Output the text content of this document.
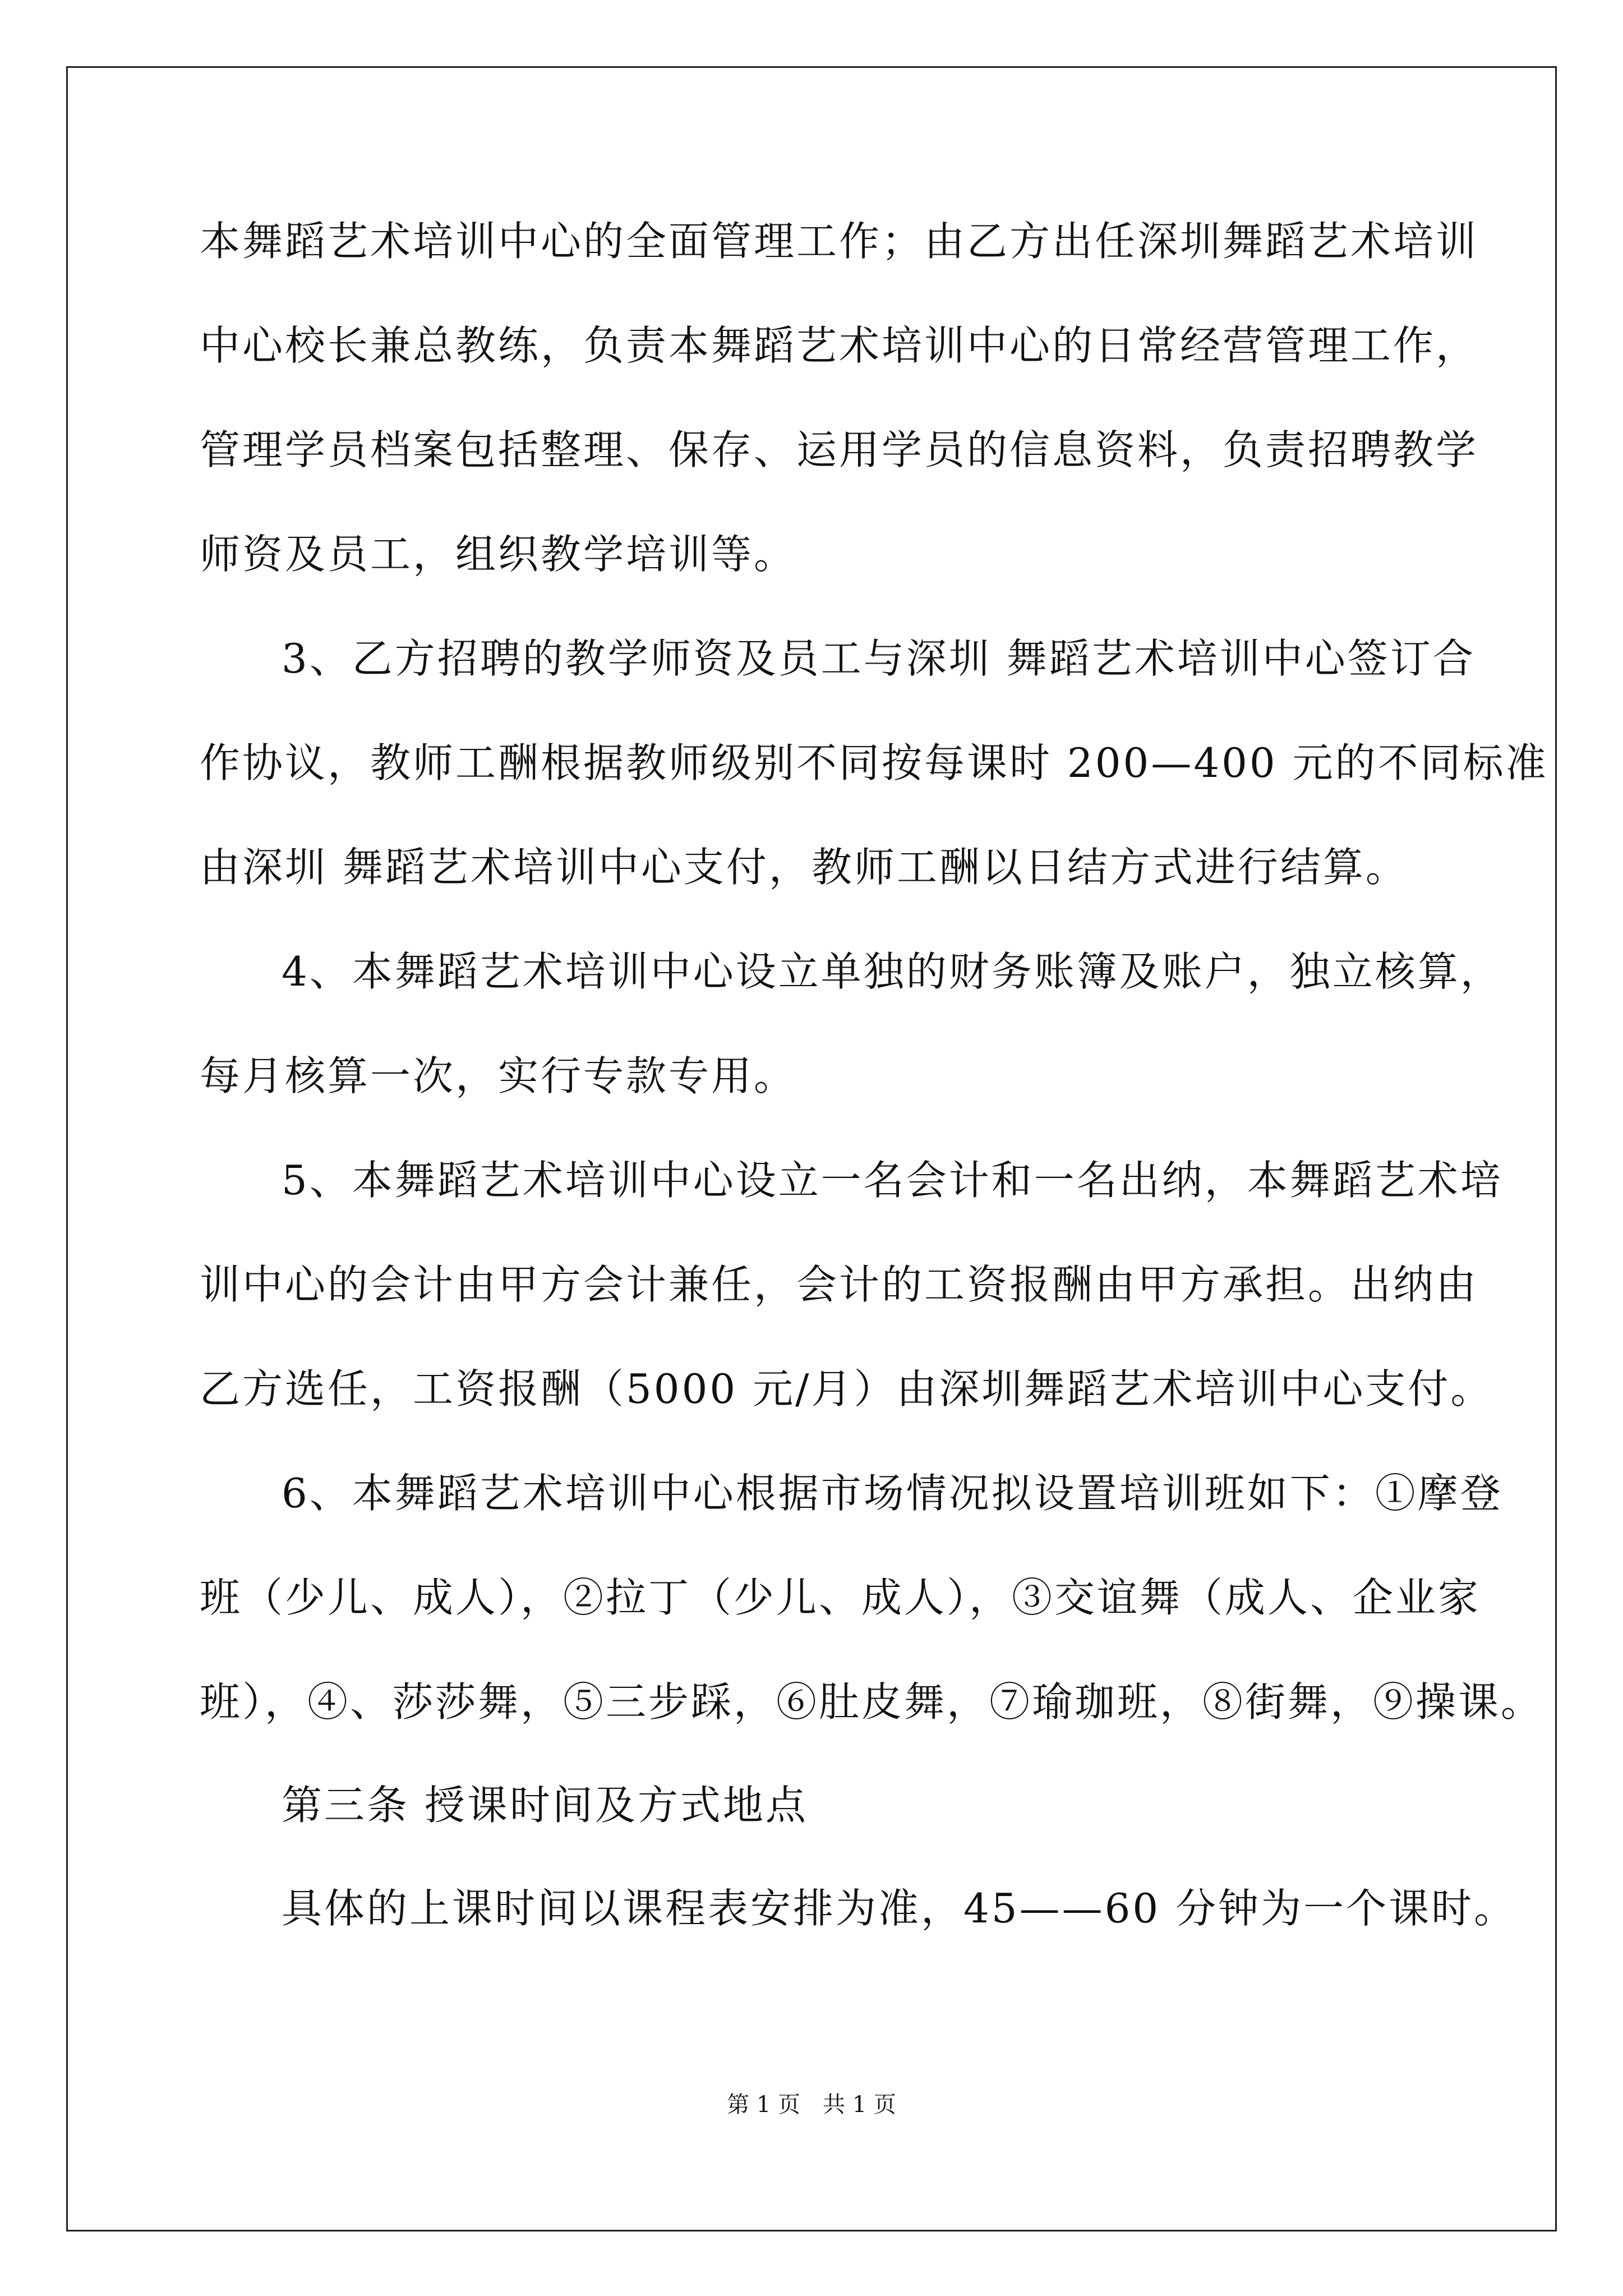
本舞蹈艺术培训中心的全面管理工作；由乙方出任深圳舞蹈艺术培训
中心校长兼总教练，负责本舞蹈艺术培训中心的日常经营管理工作，
管理学员档案包括整理、保存、运用学员的信息资料，负责招聘教学
师资及员工，组织教学培训等。
3、乙方招聘的教学师资及员工与深圳 舞蹈艺术培训中心签订合
作协议，教师工酬根据教师级别不同按每课时 200—400 元的不同标准
由深圳 舞蹈艺术培训中心支付，教师工酬以日结方式进行结算。
4、本舞蹈艺术培训中心设立单独的财务账簿及账户，独立核算，
每月核算一次，实行专款专用。
5、本舞蹈艺术培训中心设立一名会计和一名出纳，本舞蹈艺术培
训中心的会计由甲方会计兼任，会计的工资报酬由甲方承担。出纳由
乙方选任，工资报酬（5000 元/月）由深圳舞蹈艺术培训中心支付。
6、本舞蹈艺术培训中心根据市场情况拟设置培训班如下：①摩登
班（少儿、成人），②拉丁（少儿、成人），③交谊舞（成人、企业家
班），④、莎莎舞，⑤三步踩，⑥肚皮舞，⑦瑜珈班，⑧街舞，⑨操课。
第三条 授课时间及方式地点
具体的上课时间以课程表安排为准，45——60 分钟为一个课时。
第 1 页　共 1 页
